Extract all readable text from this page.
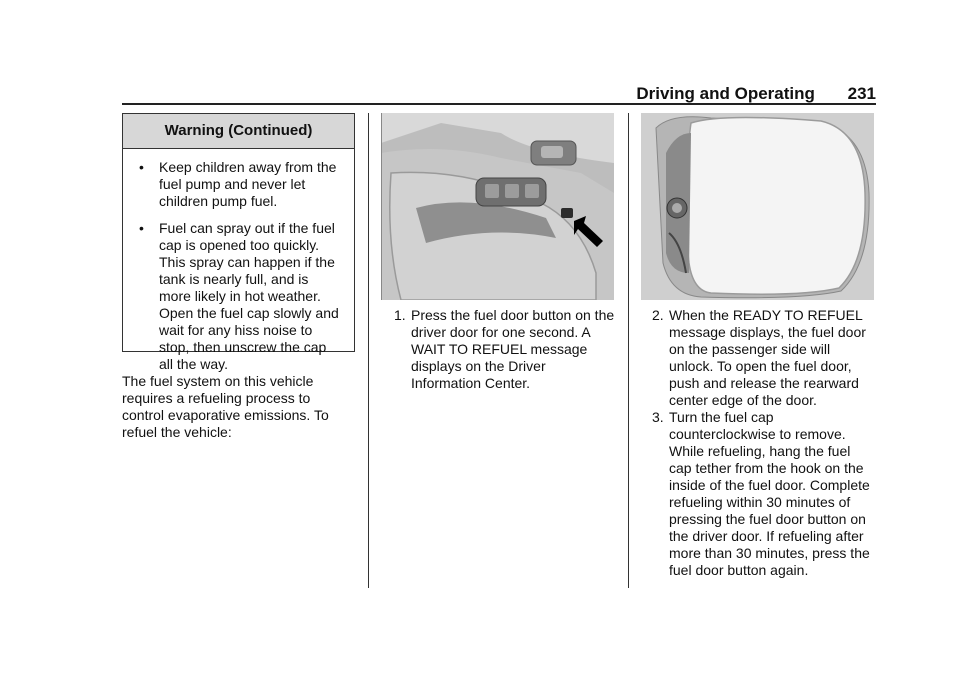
Driving and Operating 231
Warning (Continued)
• Keep children away from the fuel pump and never let children pump fuel.
• Fuel can spray out if the fuel cap is opened too quickly. This spray can happen if the tank is nearly full, and is more likely in hot weather. Open the fuel cap slowly and wait for any hiss noise to stop, then unscrew the cap all the way.
The fuel system on this vehicle requires a refueling process to control evaporative emissions. To refuel the vehicle:
1. Press the fuel door button on the driver door for one second. A WAIT TO REFUEL message displays on the Driver Information Center.
2. When the READY TO REFUEL message displays, the fuel door on the passenger side will unlock. To open the fuel door, push and release the rearward center edge of the door.
3. Turn the fuel cap counterclockwise to remove. While refueling, hang the fuel cap tether from the hook on the inside of the fuel door. Complete refueling within 30 minutes of pressing the fuel door button on the driver door. If refueling after more than 30 minutes, press the fuel door button again.
